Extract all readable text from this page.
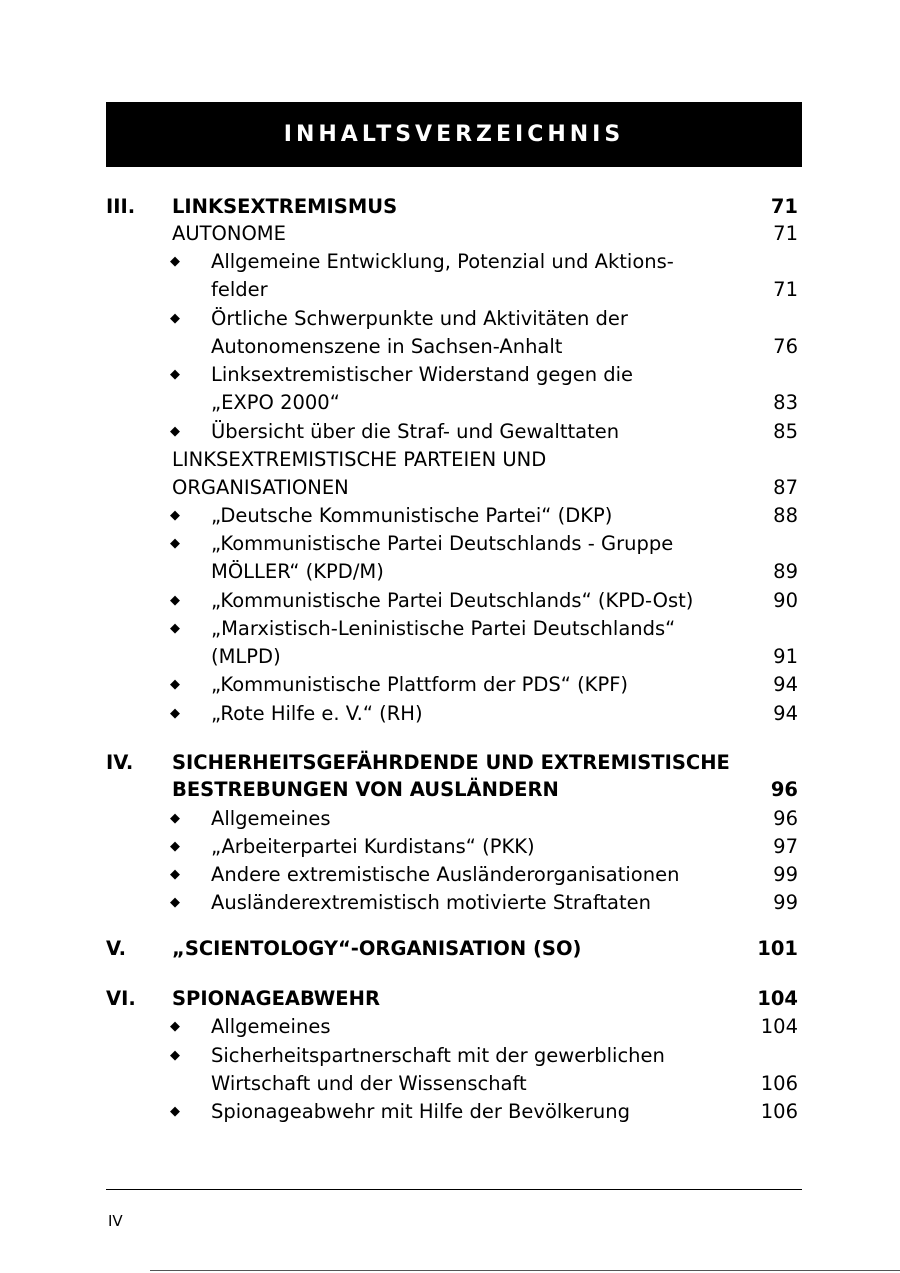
INHALTSVERZEICHNIS
III. LINKSEXTREMISMUS	71
AUTONOME	71
◆ Allgemeine Entwicklung, Potenzial und Aktions-
felder	71
◆ Örtliche Schwerpunkte und Aktivitäten der
Autonomenszene in Sachsen-Anhalt	76
◆ Linksextremistischer Widerstand gegen die
„EXPO 2000“	83
◆ Übersicht über die Straf- und Gewalttaten	85
LINKSEXTREMISTISCHE PARTEIEN UND
ORGANISATIONEN	87
◆ „Deutsche Kommunistische Partei“ (DKP)	88
◆ „Kommunistische Partei Deutschlands - Gruppe
MÖLLER“ (KPD/M)	89
◆ „Kommunistische Partei Deutschlands“ (KPD-Ost)	90
◆ „Marxistisch-Leninistische Partei Deutschlands“
(MLPD)	91
◆ „Kommunistische Plattform der PDS“ (KPF)	94
◆ „Rote Hilfe e. V.“ (RH)	94
IV. SICHERHEITSGEFÄHRDENDE UND EXTREMISTISCHE
BESTREBUNGEN VON AUSLÄNDERN	96
◆ Allgemeines	96
◆ „Arbeiterpartei Kurdistans“ (PKK)	97
◆ Andere extremistische Ausländerorganisationen	99
◆ Ausländerextremistisch motivierte Straftaten	99
V. „SCIENTOLOGY“-ORGANISATION (SO)	101
VI. SPIONAGEABWEHR	104
◆ Allgemeines	104
◆ Sicherheitspartnerschaft mit der gewerblichen
Wirtschaft und der Wissenschaft	106
◆ Spionageabwehr mit Hilfe der Bevölkerung	106
IV
